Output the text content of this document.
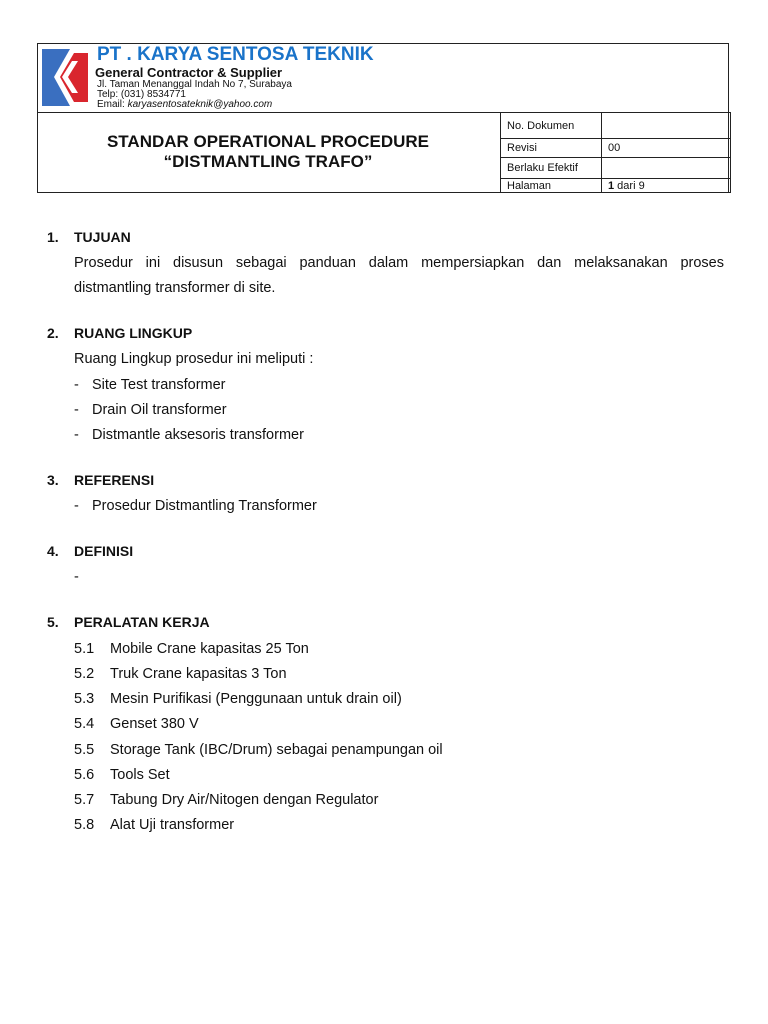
PT . KARYA SENTOSA TEKNIK
General Contractor & Supplier
Jl. Taman Menanggal Indah No 7, Surabaya
Telp: (031) 8534771
Email: karyasentosateknik@yahoo.com
STANDAR OPERATIONAL PROCEDURE
“DISTMANTLING TRAFO”
No. Dokumen	
Revisi	00
Berlaku Efektif	
Halaman	1 dari 9
1. TUJUAN
Prosedur ini disusun sebagai panduan dalam mempersiapkan dan melaksanakan proses distmantling transformer di site.
2. RUANG LINGKUP
Ruang Lingkup prosedur ini meliputi :
- Site Test transformer
- Drain Oil transformer
- Distmantle aksesoris transformer
3. REFERENSI
- Prosedur Distmantling Transformer
4. DEFINISI
-
5. PERALATAN KERJA
5.1 Mobile Crane kapasitas 25 Ton
5.2 Truk Crane kapasitas 3 Ton
5.3 Mesin Purifikasi (Penggunaan untuk drain oil)
5.4 Genset 380 V
5.5 Storage Tank (IBC/Drum) sebagai penampungan oil
5.6 Tools Set
5.7 Tabung Dry Air/Nitogen dengan Regulator
5.8 Alat Uji transformer
